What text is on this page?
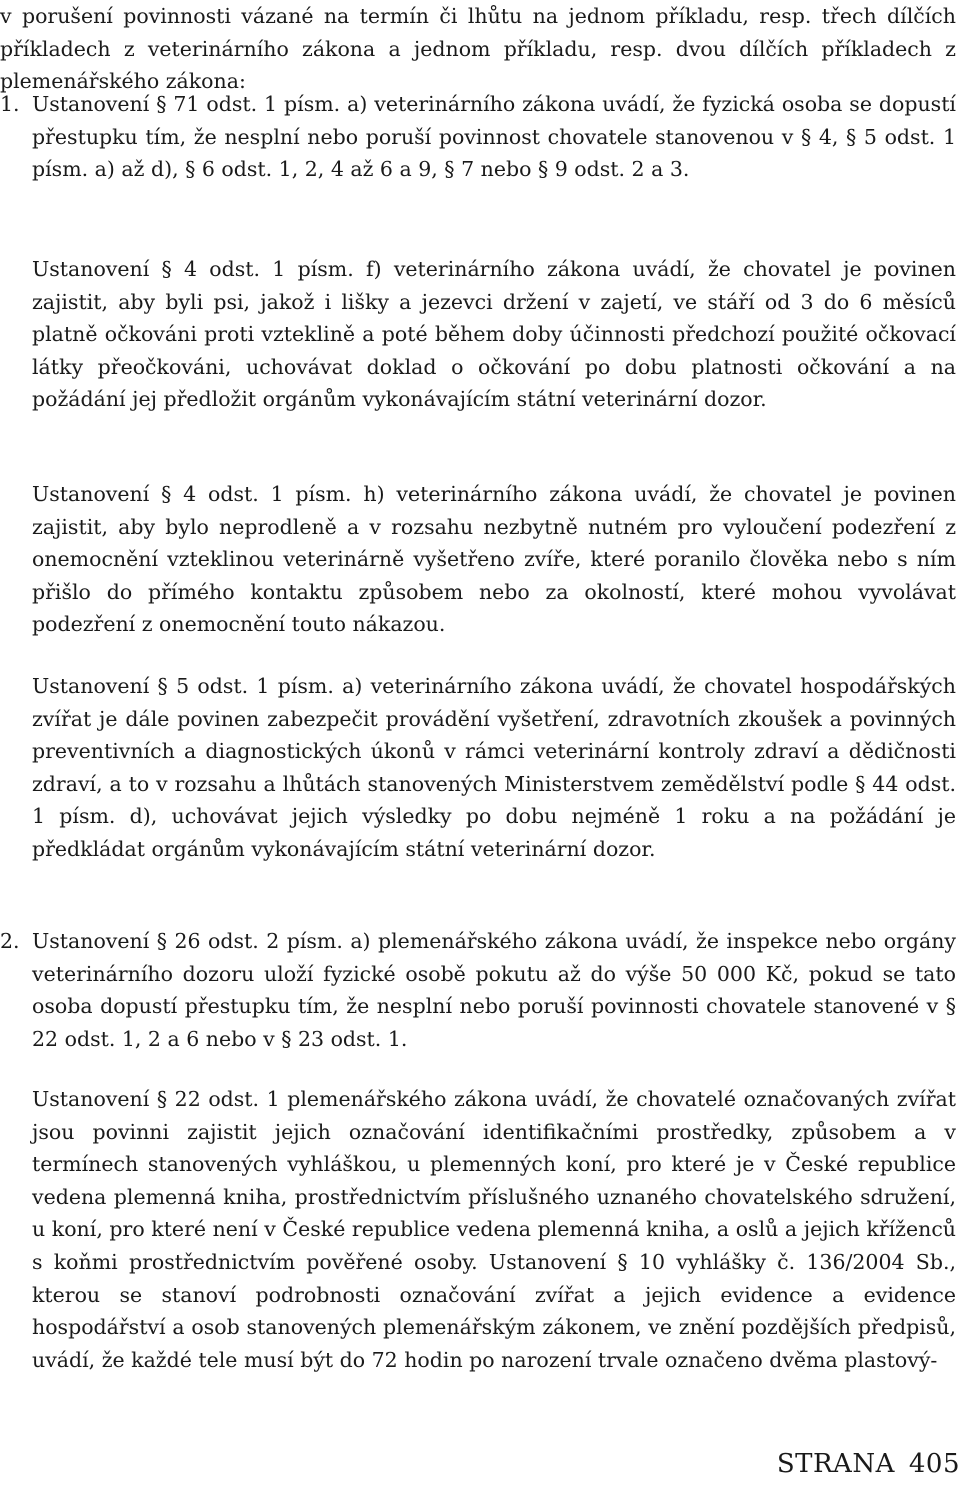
v porušení povinnosti vázané na termín či lhůtu na jednom příkladu, resp. třech dílčích příkladech z veterinárního zákona a jednom příkladu, resp. dvou dílčích příkladech z plemenářského zákona:
1. Ustanovení § 71 odst. 1 písm. a) veterinárního zákona uvádí, že fyzická osoba se dopustí přestupku tím, že nesplní nebo poruší povinnost chovatele stanovenou v § 4, § 5 odst. 1 písm. a) až d), § 6 odst. 1, 2, 4 až 6 a 9, § 7 nebo § 9 odst. 2 a 3.
Ustanovení § 4 odst. 1 písm. f) veterinárního zákona uvádí, že chovatel je povinen zajistit, aby byli psi, jakož i lišky a jezevci držení v zajetí, ve stáří od 3 do 6 měsíců platně očkováni proti vzteklině a poté během doby účinnosti předchozí použité očkovací látky přeočkováni, uchovávat doklad o očkování po dobu platnosti očkování a na požádání jej předložit orgánům vykonávajícím státní veterinární dozor.
Ustanovení § 4 odst. 1 písm. h) veterinárního zákona uvádí, že chovatel je povinen zajistit, aby bylo neprodleně a v rozsahu nezbytně nutném pro vyloučení podezření z onemocnění vzteklinou veterinárně vyšetřeno zvíře, které poranilo člověka nebo s ním přišlo do přímého kontaktu způsobem nebo za okolností, které mohou vyvolávat podezření z onemocnění touto nákazou.
Ustanovení § 5 odst. 1 písm. a) veterinárního zákona uvádí, že chovatel hospodářských zvířat je dále povinen zabezpečit provádění vyšetření, zdravotních zkoušek a povinných preventivních a diagnostických úkonů v rámci veterinární kontroly zdraví a dědičnosti zdraví, a to v rozsahu a lhůtách stanovených Ministerstvem zemědělství podle § 44 odst. 1 písm. d), uchovávat jejich výsledky po dobu nejméně 1 roku a na požádání je předkládat orgánům vykonávajícím státní veterinární dozor.
2. Ustanovení § 26 odst. 2 písm. a) plemenářského zákona uvádí, že inspekce nebo orgány veterinárního dozoru uloží fyzické osobě pokutu až do výše 50 000 Kč, pokud se tato osoba dopustí přestupku tím, že nesplní nebo poruší povinnosti chovatele stanovené v § 22 odst. 1, 2 a 6 nebo v § 23 odst. 1.
Ustanovení § 22 odst. 1 plemenářského zákona uvádí, že chovatelé označovaných zvířat jsou povinni zajistit jejich označování identifikačními prostředky, způsobem a v termínech stanovených vyhláškou, u plemenných koní, pro které je v České republice vedena plemenná kniha, prostřednictvím příslušného uznaného chovatelského sdružení, u koní, pro které není v České republice vedena plemenná kniha, a oslů a jejich kříženců s koňmi prostřednictvím pověřené osoby. Ustanovení § 10 vyhlášky č. 136/2004 Sb., kterou se stanoví podrobnosti označování zvířat a jejich evidence a evidence hospodářství a osob stanovených plemenářským zákonem, ve znění pozdějších předpisů, uvádí, že každé tele musí být do 72 hodin po narození trvale označeno dvěma plastový-
STRANA 405
